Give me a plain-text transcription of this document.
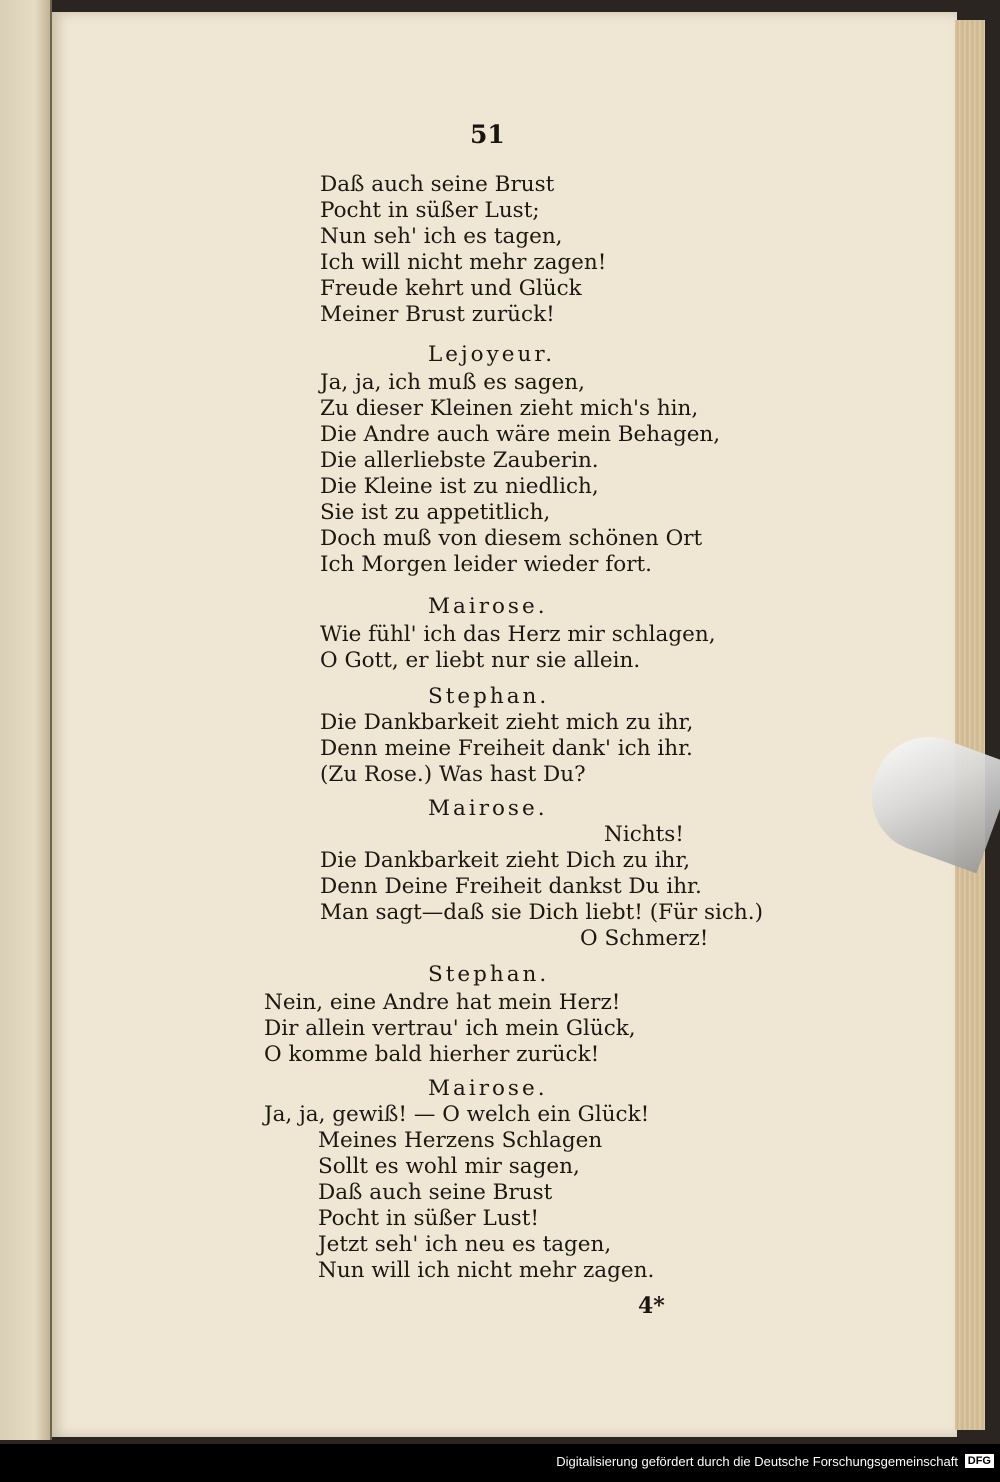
51
Daß auch seine Brust
Pocht in süßer Lust;
Nun seh' ich es tagen,
Ich will nicht mehr zagen!
Freude kehrt und Glück
Meiner Brust zurück!
Lejoyeur.
Ja, ja, ich muß es sagen,
Zu dieser Kleinen zieht mich's hin,
Die Andre auch wäre mein Behagen,
Die allerliebste Zauberin.
Die Kleine ist zu niedlich,
Sie ist zu appetitlich,
Doch muß von diesem schönen Ort
Ich Morgen leider wieder fort.
Mairose.
Wie fühl' ich das Herz mir schlagen,
O Gott, er liebt nur sie allein.
Stephan.
Die Dankbarkeit zieht mich zu ihr,
Denn meine Freiheit dank' ich ihr.
(Zu Rose.) Was hast Du?
Mairose.
Nichts!
Die Dankbarkeit zieht Dich zu ihr,
Denn Deine Freiheit dankst Du ihr.
Man sagt—daß sie Dich liebt! (Für sich.)
O Schmerz!
Stephan.
Nein, eine Andre hat mein Herz!
Dir allein vertrau' ich mein Glück,
O komme bald hierher zurück!
Mairose.
Ja, ja, gewiß! — O welch ein Glück!
Meines Herzens Schlagen
Sollt es wohl mir sagen,
Daß auch seine Brust
Pocht in süßer Lust!
Jetzt seh' ich neu es tagen,
Nun will ich nicht mehr zagen.
4*
Digitalisierung gefördert durch die Deutsche Forschungsgemeinschaft DFG
